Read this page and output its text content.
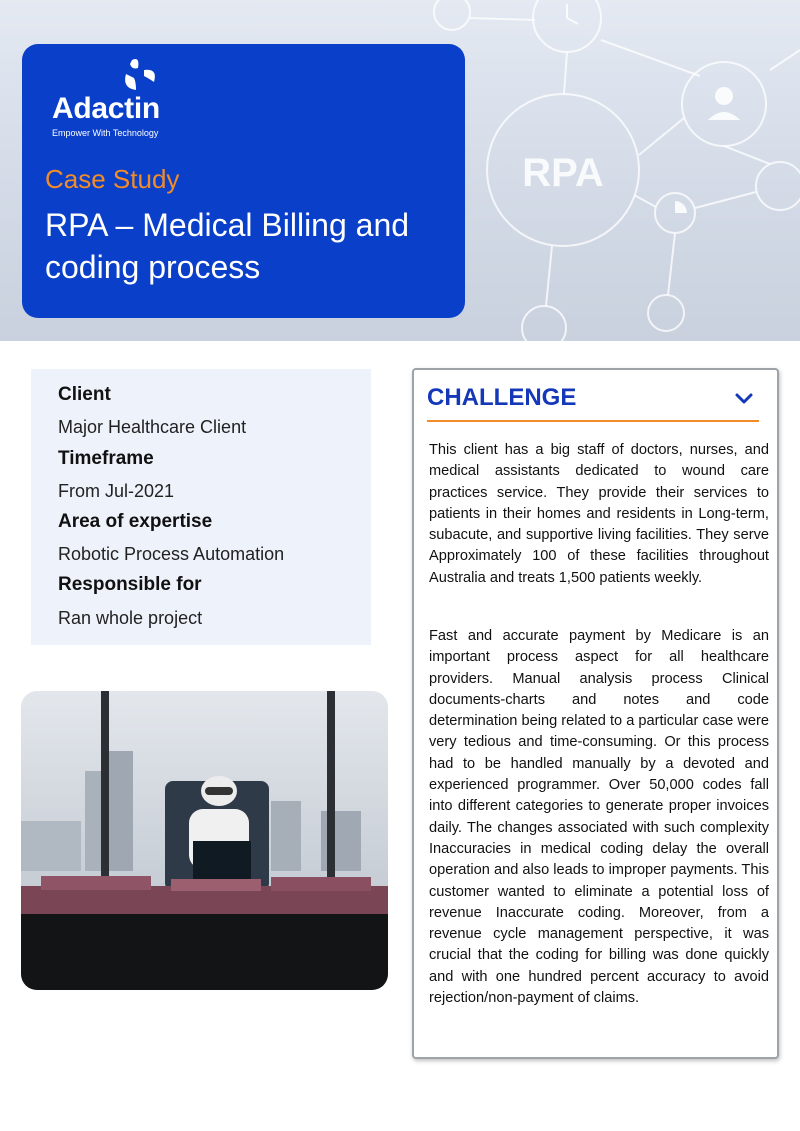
RPA
Adactin
Empower With Technology
Case Study
RPA – Medical Billing and coding process
Client
Major Healthcare Client
Timeframe
From Jul-2021
Area of expertise
Robotic Process Automation
Responsible for
Ran whole project
CHALLENGE

This client has a big staff of doctors, nurses, and medical assistants dedicated to wound care practices service. They provide their services to patients in their homes and residents in Long-term, subacute, and supportive living facilities. They serve Approximately 100 of these facilities throughout Australia and treats 1,500 patients weekly.

Fast and accurate payment by Medicare is an important process aspect for all healthcare providers. Manual analysis process Clinical documents-charts and notes and code determination being related to a particular case were very tedious and time-consuming. Or this process had to be handled manually by a devoted and experienced programmer. Over 50,000 codes fall into different categories to generate proper invoices daily. The changes associated with such complexity Inaccuracies in medical coding delay the overall operation and also leads to improper payments. This customer wanted to eliminate a potential loss of revenue Inaccurate coding. Moreover, from a revenue cycle management perspective, it was crucial that the coding for billing was done quickly and with one hundred percent accuracy to avoid rejection/non-payment of claims.
